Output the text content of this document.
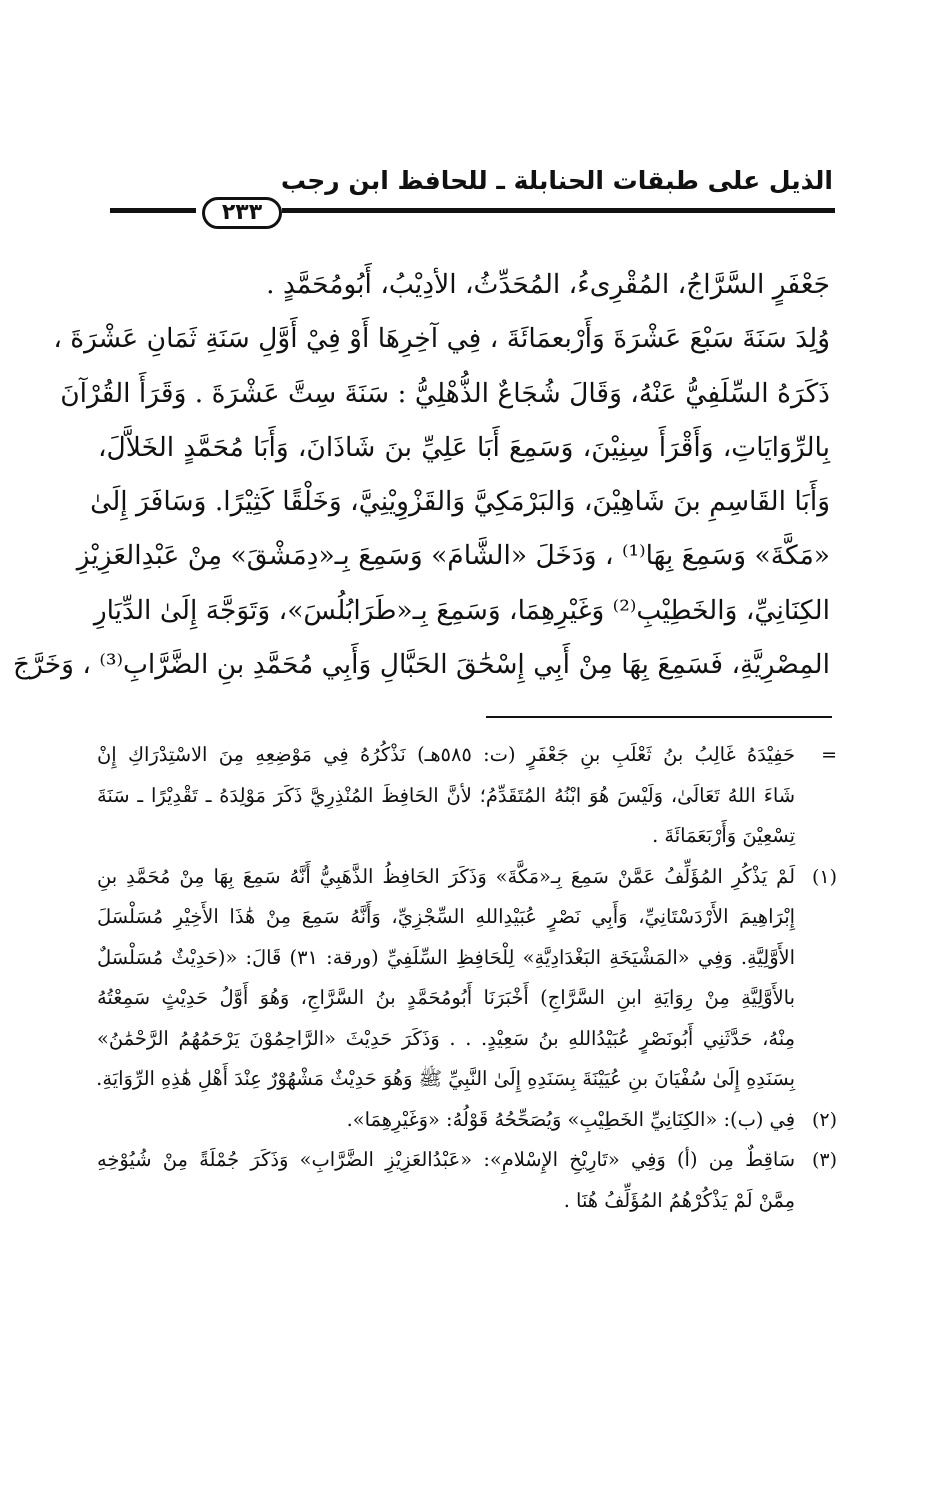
الذيل على طبقات الحنابلة ـ للحافظ ابن رجب
٢٣٣
جَعْفَرٍ السَّرَّاجُ، المُقْرِىءُ، المُحَدِّثُ، الأدِيْبُ، أَبُومُحَمَّدٍ .
وُلِدَ سَنَةَ سَبْعَ عَشْرَةَ وَأَرْبعمَائَةَ ، فِي آخِرِهَا أَوْ فِيْ أَوَّلِ سَنَةِ ثَمَانِ عَشْرَةَ ،
ذَكَرَهُ السِّلَفِيُّ عَنْهُ، وَقَالَ شُجَاعٌ الذُّهْلِيُّ : سَنَةَ سِتَّ عَشْرَةَ . وَقَرَأَ القُرْآنَ
بِالرِّوَايَاتِ، وَأَقْرَأَ سِنِيْنَ، وَسَمِعَ أَبَا عَلِيِّ بنَ شَاذَانَ، وَأَبَا مُحَمَّدٍ الخَلاَّلَ،
وَأَبَا القَاسِمِ بنَ شَاهِيْنَ، وَالبَرْمَكِيَّ وَالقَزْوِيْنِيَّ، وَخَلْقًا كَثِيْرًا. وَسَافَرَ إِلَىٰ
«مَكَّةَ» وَسَمِعَ بِهَا⁽¹⁾ ، وَدَخَلَ «الشَّامَ» وَسَمِعَ بِـ«دِمَشْقَ» مِنْ عَبْدِالعَزِيْزِ
الكِنَانِيِّ، وَالخَطِيْبِ⁽²⁾ وَغَيْرِهِمَا، وَسَمِعَ بِـ«طَرَابُلُسَ»، وَتَوَجَّهَ إِلَىٰ الدِّيَارِ
المِصْرِيَّةِ، فَسَمِعَ بِهَا مِنْ أَبِي إِسْحَٰقَ الحَبَّالِ وَأَبِي مُحَمَّدِ بنِ الضَّرَّابِ⁽³⁾ ، وَخَرَّجَ
=
حَفِيْدَهُ غَالِبُ بنُ ثَعْلَبِ بنِ جَعْفَرٍ (ت: ٥٨٥هـ) نَذْكُرُهُ فِي مَوْضِعِهِ مِنَ الاسْتِدْرَاكِ إِنْ
شَاءَ اللهُ تَعَالَىٰ، وَلَيْسَ هُوَ ابْنُهُ المُتَقَدِّمُ؛ لأنَّ الحَافِظَ المُنْذِرِيَّ ذَكَرَ مَوْلِدَهُ ـ تَقْدِيْرًا ـ سَنَةَ
تِسْعِيْنَ وَأَرْبَعَمَائَةَ .
(١)
لَمْ يَذْكُرِ المُؤَلِّفُ عَمَّنْ سَمِعَ بِـ«مَكَّةَ» وَذَكَرَ الحَافِظُ الذَّهَبِيُّ أَنَّهُ سَمِعَ بِهَا مِنْ مُحَمَّدِ بنِ
إِبْرَاهِيمَ الأَرْدَسْتَانِيِّ، وَأَبِي نَصْرٍ عُبَيْدِاللهِ السِّجْزِيِّ، وَأَنَّهُ سَمِعَ مِنْ هَٰذَا الأَخِيْرِ مُسَلْسَلَ
الأَوَّلِيَّةِ. وَفِي «المَشْيَخَةِ البَغْدَادِيَّةِ» لِلْحَافِظِ السِّلَفِيِّ (ورقة: ٣١) قَالَ: «(حَدِيْثٌ مُسَلْسَلٌ
بالأَوَّلِيَّةِ مِنْ رِوَايَةِ ابنِ السَّرَّاجِ) أَخْبَرَنَا أَبُومُحَمَّدٍ بنُ السَّرَّاجِ، وَهُوَ أَوَّلُ حَدِيْثٍ سَمِعْتُهُ
مِنْهُ، حَدَّثَنِي أَبُونَصْرٍ عُبَيْدُاللهِ بنُ سَعِيْدٍ. . . وَذَكَرَ حَدِيْثَ «الرَّاحِمُوْنَ يَرْحَمُهُمُ الرَّحْمَٰنُ»
بِسَنَدِهِ إِلَىٰ سُفْيَانَ بنِ عُيَيْنَةَ بِسَنَدِهِ إِلَىٰ النَّبِيِّ ﷺ وَهُوَ حَدِيْثٌ مَشْهُوْرٌ عِنْدَ أَهْلِ هَٰذِهِ الرِّوَايَةِ.
(٢)
فِي (ب): «الكِنَانِيِّ الخَطِيْبِ» وَيُصَحِّحُهُ قَوْلُهُ: «وَغَيْرِهِمَا».
(٣)
سَاقِطٌ مِن (أ) وَفِي «تَارِيْخِ الإِسْلامِ»: «عَبْدُالعَزِيْزِ الضَّرَّابِ» وَذَكَرَ جُمْلَةً مِنْ شُيُوْخِهِ
مِمَّنْ لَمْ يَذْكُرْهُمُ المُؤَلِّفُ هُنَا .
